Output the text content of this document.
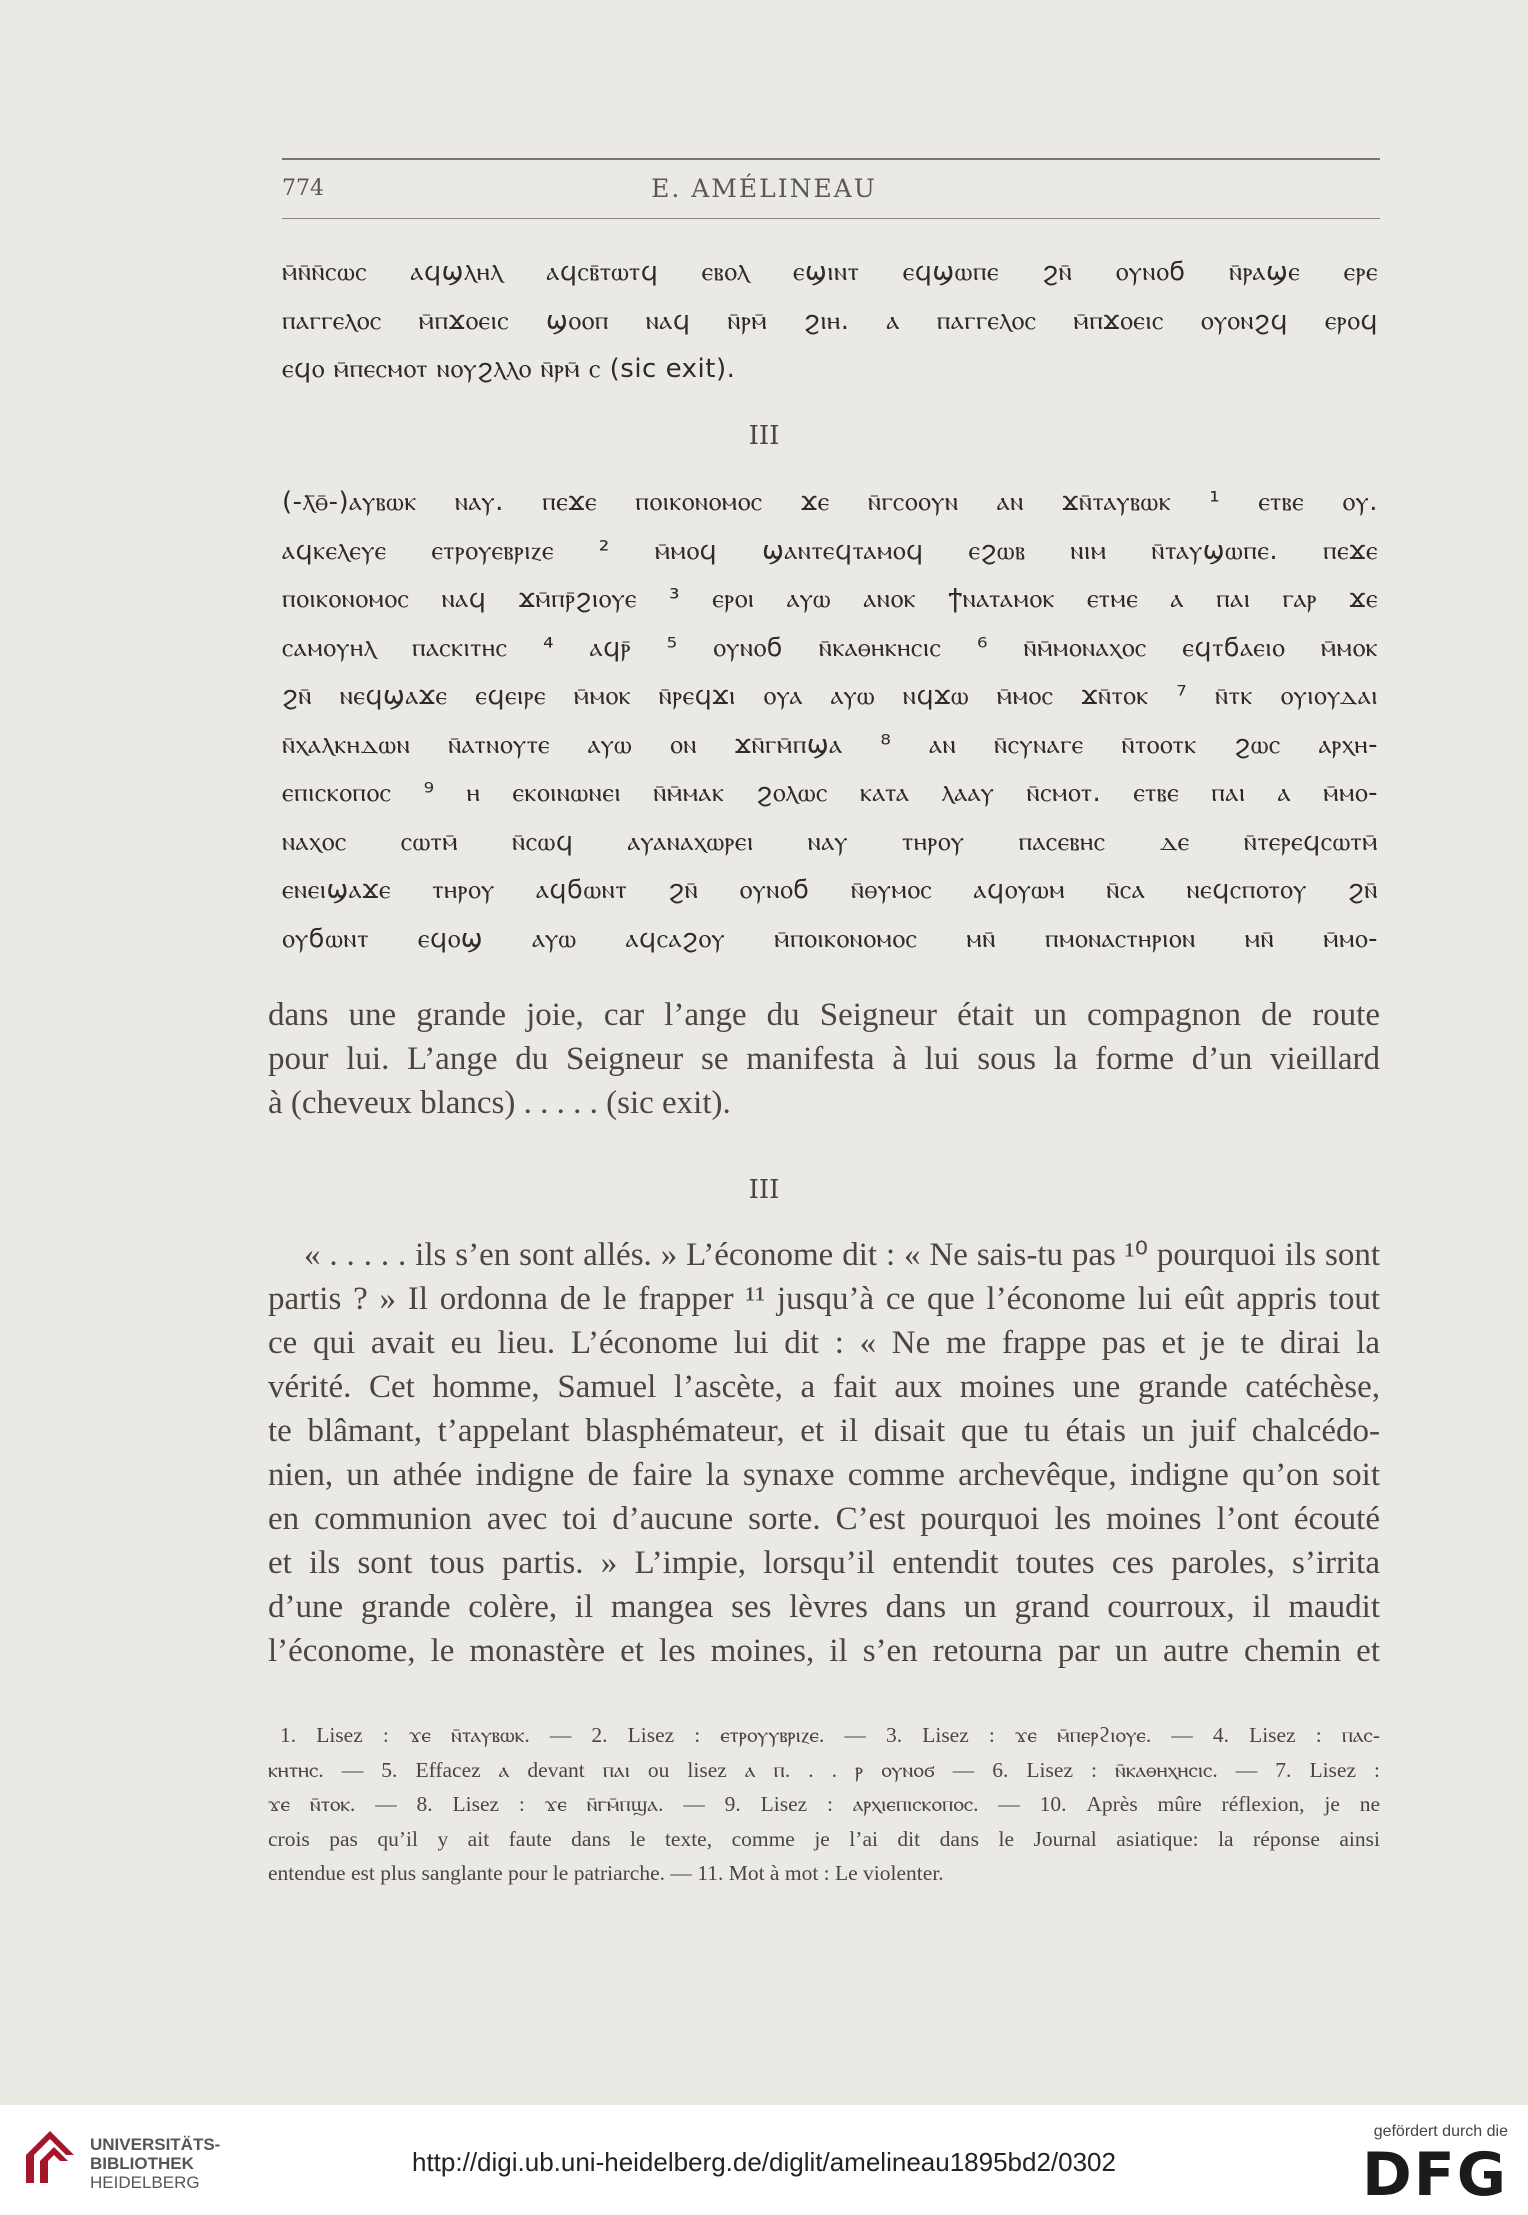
774	E. AMÉLINEAU
ⲙ̄ⲛ̄ⲛ̄ⲥⲱⲥ ⲁϥϣⲗⲏⲗ ⲁϥⲥⲃ̄ⲧⲱⲧϥ ⲉⲃⲟⲗ ⲉϣⲓⲛⲧ ⲉϥϣⲱⲡⲉ ϩⲛ̄ ⲟⲩⲛⲟϭ ⲛ̄ⲣⲁϣⲉ ⲉⲣⲉ
ⲡⲁⲅⲅⲉⲗⲟⲥ ⲙ̄ⲡϫⲟⲉⲓⲥ ϣⲟⲟⲡ ⲛⲁϥ ⲛ̄ⲣⲙ̄ ϩⲓⲏ. ⲁ ⲡⲁⲅⲅⲉⲗⲟⲥ ⲙ̄ⲡϫⲟⲉⲓⲥ ⲟⲩⲟⲛϩϥ ⲉⲣⲟϥ
ⲉϥⲟ ⲙ̄ⲡⲉⲥⲙⲟⲧ ⲛⲟⲩϩⲗⲗⲟ ⲛ̄ⲣⲙ̄ ⲥ (sic exit).
III
(-ⲗ̄ⲑ̄-)ⲁⲩⲃⲱⲕ ⲛⲁⲩ. ⲡⲉϫⲉ ⲡⲟⲓⲕⲟⲛⲟⲙⲟⲥ ϫⲉ ⲛ̄ⲅⲥⲟⲟⲩⲛ ⲁⲛ ϫⲛ̄ⲧⲁⲩⲃⲱⲕ ¹ ⲉⲧⲃⲉ ⲟⲩ.
ⲁϥⲕⲉⲗⲉⲩⲉ ⲉⲧⲣⲟⲩⲉⲃⲣⲓⲍⲉ ² ⲙ̄ⲙⲟϥ ϣⲁⲛⲧⲉϥⲧⲁⲙⲟϥ ⲉϩⲱⲃ ⲛⲓⲙ ⲛ̄ⲧⲁⲩϣⲱⲡⲉ. ⲡⲉϫⲉ
ⲡⲟⲓⲕⲟⲛⲟⲙⲟⲥ ⲛⲁϥ ϫⲙ̄ⲡⲣ̄ϩⲓⲟⲩⲉ ³ ⲉⲣⲟⲓ ⲁⲩⲱ ⲁⲛⲟⲕ ϯⲛⲁⲧⲁⲙⲟⲕ ⲉⲧⲙⲉ ⲁ ⲡⲁⲓ ⲅⲁⲣ ϫⲉ
ⲥⲁⲙⲟⲩⲏⲗ ⲡⲁⲥⲕⲓⲧⲏⲥ ⁴ ⲁϥⲣ̄ ⁵ ⲟⲩⲛⲟϭ ⲛ̄ⲕⲁⲑⲏⲕⲏⲥⲓⲥ ⁶ ⲛ̄ⲙ̄ⲙⲟⲛⲁⲭⲟⲥ ⲉϥⲧϭⲁⲉⲓⲟ ⲙ̄ⲙⲟⲕ
ϩⲛ̄ ⲛⲉϥϣⲁϫⲉ ⲉϥⲉⲓⲣⲉ ⲙ̄ⲙⲟⲕ ⲛ̄ⲣⲉϥϫⲓ ⲟⲩⲁ ⲁⲩⲱ ⲛϥϫⲱ ⲙ̄ⲙⲟⲥ ϫⲛ̄ⲧⲟⲕ ⁷ ⲛ̄ⲧⲕ ⲟⲩⲓⲟⲩⲇⲁⲓ
ⲛ̄ⲭⲁⲗⲕⲏⲇⲱⲛ ⲛ̄ⲁⲧⲛⲟⲩⲧⲉ ⲁⲩⲱ ⲟⲛ ϫⲛ̄ⲅⲙ̄ⲡϣⲁ ⁸ ⲁⲛ ⲛ̄ⲥⲩⲛⲁⲅⲉ ⲛ̄ⲧⲟⲟⲧⲕ ϩⲱⲥ ⲁⲣⲭⲏ-
ⲉⲡⲓⲥⲕⲟⲡⲟⲥ ⁹ ⲏ ⲉⲕⲟⲓⲛⲱⲛⲉⲓ ⲛ̄ⲙ̄ⲙⲁⲕ ϩⲟⲗⲱⲥ ⲕⲁⲧⲁ ⲗⲁⲁⲩ ⲛ̄ⲥⲙⲟⲧ. ⲉⲧⲃⲉ ⲡⲁⲓ ⲁ ⲙ̄ⲙⲟ-
ⲛⲁⲭⲟⲥ ⲥⲱⲧⲙ̄ ⲛ̄ⲥⲱϥ ⲁⲩⲁⲛⲁⲭⲱⲣⲉⲓ ⲛⲁⲩ ⲧⲏⲣⲟⲩ ⲡⲁⲥⲉⲃⲏⲥ ⲇⲉ ⲛ̄ⲧⲉⲣⲉϥⲥⲱⲧⲙ̄
ⲉⲛⲉⲓϣⲁϫⲉ ⲧⲏⲣⲟⲩ ⲁϥϭⲱⲛⲧ ϩⲛ̄ ⲟⲩⲛⲟϭ ⲛ̄ⲑⲩⲙⲟⲥ ⲁϥⲟⲩⲱⲙ ⲛ̄ⲥⲁ ⲛⲉϥⲥⲡⲟⲧⲟⲩ ϩⲛ̄
ⲟⲩϭⲱⲛⲧ ⲉϥⲟϣ ⲁⲩⲱ ⲁϥⲥⲁϩⲟⲩ ⲙ̄ⲡⲟⲓⲕⲟⲛⲟⲙⲟⲥ ⲙⲛ̄ ⲡⲙⲟⲛⲁⲥⲧⲏⲣⲓⲟⲛ ⲙⲛ̄ ⲙ̄ⲙⲟ-
dans une grande joie, car l’ange du Seigneur était un compagnon de route
pour lui. L’ange du Seigneur se manifesta à lui sous la forme d’un vieillard
à (cheveux blancs) . . . . . (sic exit).
III
« . . . . . ils s’en sont allés. » L’économe dit : « Ne sais-tu pas ¹⁰ pourquoi ils sont
partis ? » Il ordonna de le frapper ¹¹ jusqu’à ce que l’économe lui eût appris tout
ce qui avait eu lieu. L’économe lui dit : « Ne me frappe pas et je te dirai la
vérité. Cet homme, Samuel l’ascète, a fait aux moines une grande catéchèse,
te blâmant, t’appelant blasphémateur, et il disait que tu étais un juif chalcédo-
nien, un athée indigne de faire la synaxe comme archevêque, indigne qu’on soit
en communion avec toi d’aucune sorte. C’est pourquoi les moines l’ont écouté
et ils sont tous partis. » L’impie, lorsqu’il entendit toutes ces paroles, s’irrita
d’une grande colère, il mangea ses lèvres dans un grand courroux, il maudit
l’économe, le monastère et les moines, il s’en retourna par un autre chemin et
1. Lisez : ϫⲉ ⲛ̄ⲧⲁⲩⲃⲱⲕ. — 2. Lisez : ⲉⲧⲣⲟⲩⲩⲃⲣⲓⲍⲉ. — 3. Lisez : ϫⲉ ⲙ̄ⲡⲉⲣϩⲓⲟⲩⲉ. — 4. Lisez : ⲡⲁⲥ-
ⲕⲏⲧⲏⲥ. — 5. Effacez ⲁ devant ⲡⲁⲓ ou lisez ⲁ ⲡ. . . ⲣ ⲟⲩⲛⲟϭ — 6. Lisez : ⲛ̄ⲕⲁⲑⲏⲭⲏⲥⲓⲥ. — 7. Lisez :
ϫⲉ ⲛ̄ⲧⲟⲕ. — 8. Lisez : ϫⲉ ⲛ̄ⲅⲙ̄ⲡϣⲁ. — 9. Lisez : ⲁⲣⲭⲓⲉⲡⲓⲥⲕⲟⲡⲟⲥ. — 10. Après mûre réflexion, je ne
crois pas qu’il y ait faute dans le texte, comme je l’ai dit dans le Journal asiatique: la réponse ainsi
entendue est plus sanglante pour le patriarche. — 11. Mot à mot : Le violenter.
UNIVERSITÄTS-
BIBLIOTHEK
HEIDELBERG
http://digi.ub.uni-heidelberg.de/diglit/amelineau1895bd2/0302
gefördert durch die
DFG
